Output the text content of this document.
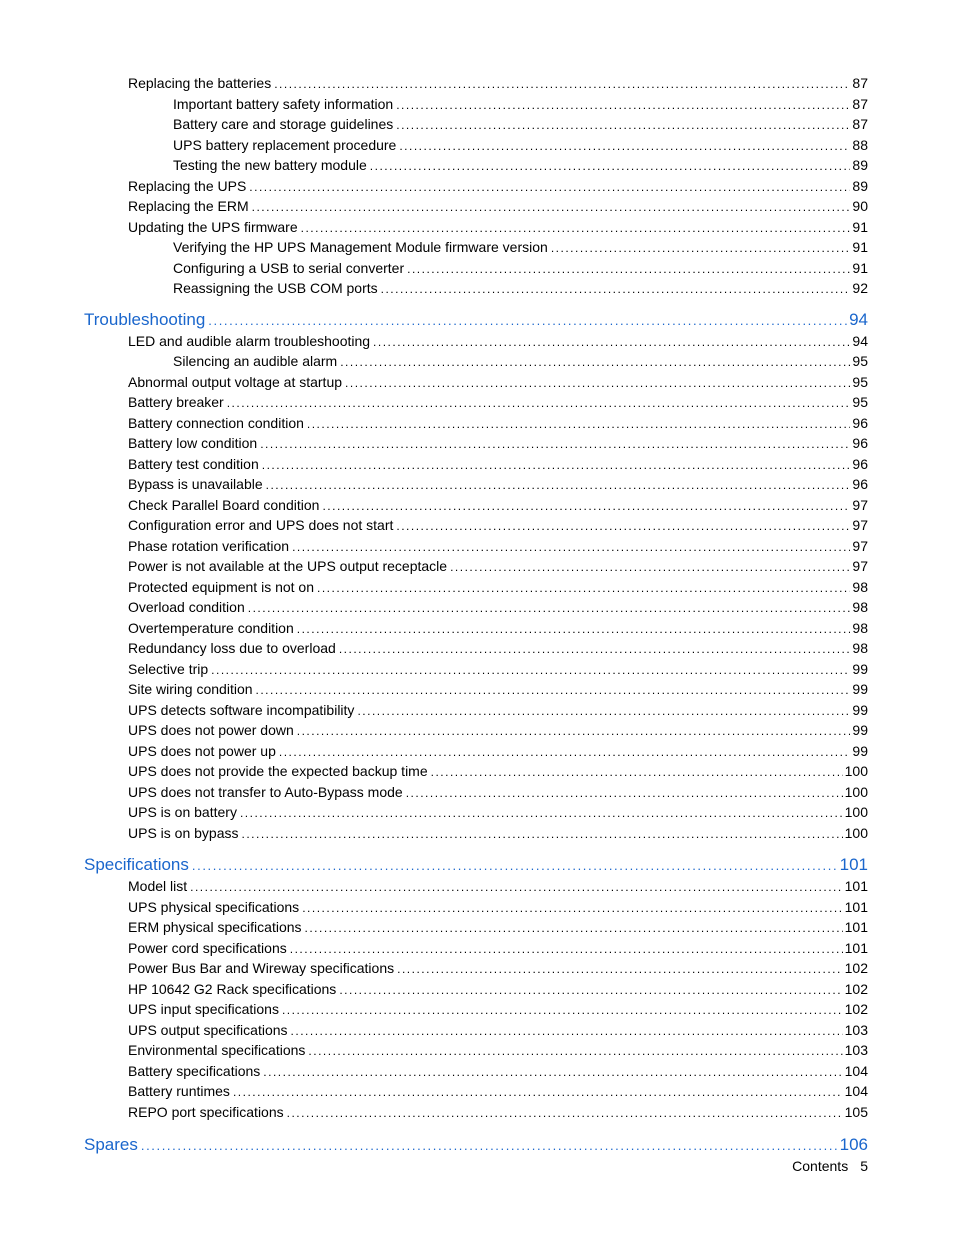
Replacing the batteries .....	87
Important battery safety information .....	87
Battery care and storage guidelines .....	87
UPS battery replacement procedure .....	88
Testing the new battery module .....	89
Replacing the UPS .....	89
Replacing the ERM .....	90
Updating the UPS firmware .....	91
Verifying the HP UPS Management Module firmware version .....	91
Configuring a USB to serial converter .....	91
Reassigning the USB COM ports .....	92
Troubleshooting .....	94
LED and audible alarm troubleshooting .....	94
Silencing an audible alarm .....	95
Abnormal output voltage at startup .....	95
Battery breaker .....	95
Battery connection condition .....	96
Battery low condition .....	96
Battery test condition .....	96
Bypass is unavailable .....	96
Check Parallel Board condition .....	97
Configuration error and UPS does not start .....	97
Phase rotation verification .....	97
Power is not available at the UPS output receptacle .....	97
Protected equipment is not on .....	98
Overload condition .....	98
Overtemperature condition .....	98
Redundancy loss due to overload .....	98
Selective trip .....	99
Site wiring condition .....	99
UPS detects software incompatibility .....	99
UPS does not power down .....	99
UPS does not power up .....	99
UPS does not provide the expected backup time .....	100
UPS does not transfer to Auto-Bypass mode .....	100
UPS is on battery .....	100
UPS is on bypass .....	100
Specifications .....	101
Model list .....	101
UPS physical specifications .....	101
ERM physical specifications .....	101
Power cord specifications .....	101
Power Bus Bar and Wireway specifications .....	102
HP 10642 G2 Rack specifications .....	102
UPS input specifications .....	102
UPS output specifications .....	103
Environmental specifications .....	103
Battery specifications .....	104
Battery runtimes .....	104
REPO port specifications .....	105
Spares .....	106
Contents 5
